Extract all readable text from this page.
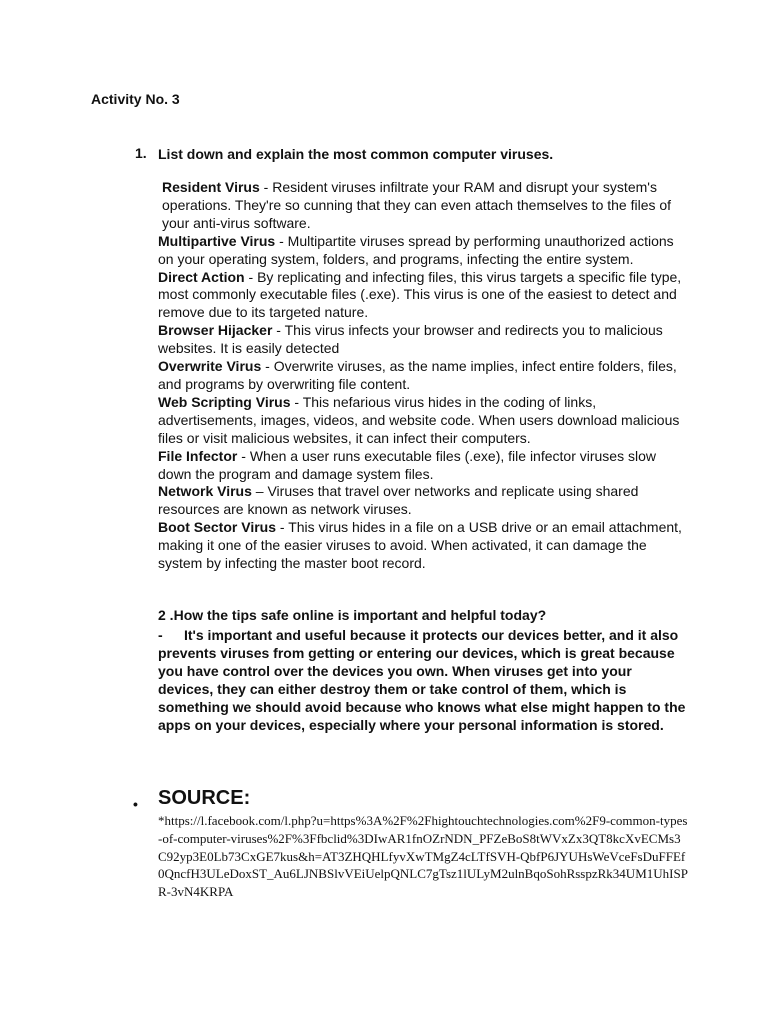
Activity No. 3
1. List down and explain the most common computer viruses.

Resident Virus - Resident viruses infiltrate your RAM and disrupt your system's operations. They're so cunning that they can even attach themselves to the files of your anti-virus software.

Multipartive Virus - Multipartite viruses spread by performing unauthorized actions on your operating system, folders, and programs, infecting the entire system.

Direct Action - By replicating and infecting files, this virus targets a specific file type, most commonly executable files (.exe). This virus is one of the easiest to detect and remove due to its targeted nature.

Browser Hijacker - This virus infects your browser and redirects you to malicious websites. It is easily detected

Overwrite Virus - Overwrite viruses, as the name implies, infect entire folders, files, and programs by overwriting file content.

Web Scripting Virus - This nefarious virus hides in the coding of links, advertisements, images, videos, and website code. When users download malicious files or visit malicious websites, it can infect their computers.

File Infector - When a user runs executable files (.exe), file infector viruses slow down the program and damage system files.

Network Virus – Viruses that travel over networks and replicate using shared resources are known as network viruses.

Boot Sector Virus - This virus hides in a file on a USB drive or an email attachment, making it one of the easier viruses to avoid. When activated, it can damage the system by infecting the master boot record.

2 .How the tips safe online is important and helpful today?
- It's important and useful because it protects our devices better, and it also prevents viruses from getting or entering our devices, which is great because you have control over the devices you own. When viruses get into your devices, they can either destroy them or take control of them, which is something we should avoid because who knows what else might happen to the apps on your devices, especially where your personal information is stored.
• SOURCE:
*https://l.facebook.com/l.php?u=https%3A%2F%2Fhightouchtechnologies.com%2F9-common-types-of-computer-viruses%2F%3Ffbclid%3DIwAR1fnOZrNDN_PFZeBoS8tWVxZx3QT8kcXvECMs3C92yp3E0Lb73CxGE7kus&h=AT3ZHQHLfyvXwTMgZ4cLTfSVH-QbfP6JYUHsWeVceFsDuFFEf0QncfH3ULeDoxST_Au6LJNBSlvVEiUelpQNLC7gTsz1lULyM2ulnBqoSohRsspzRk34UM1UhISPR-3vN4KRPA
